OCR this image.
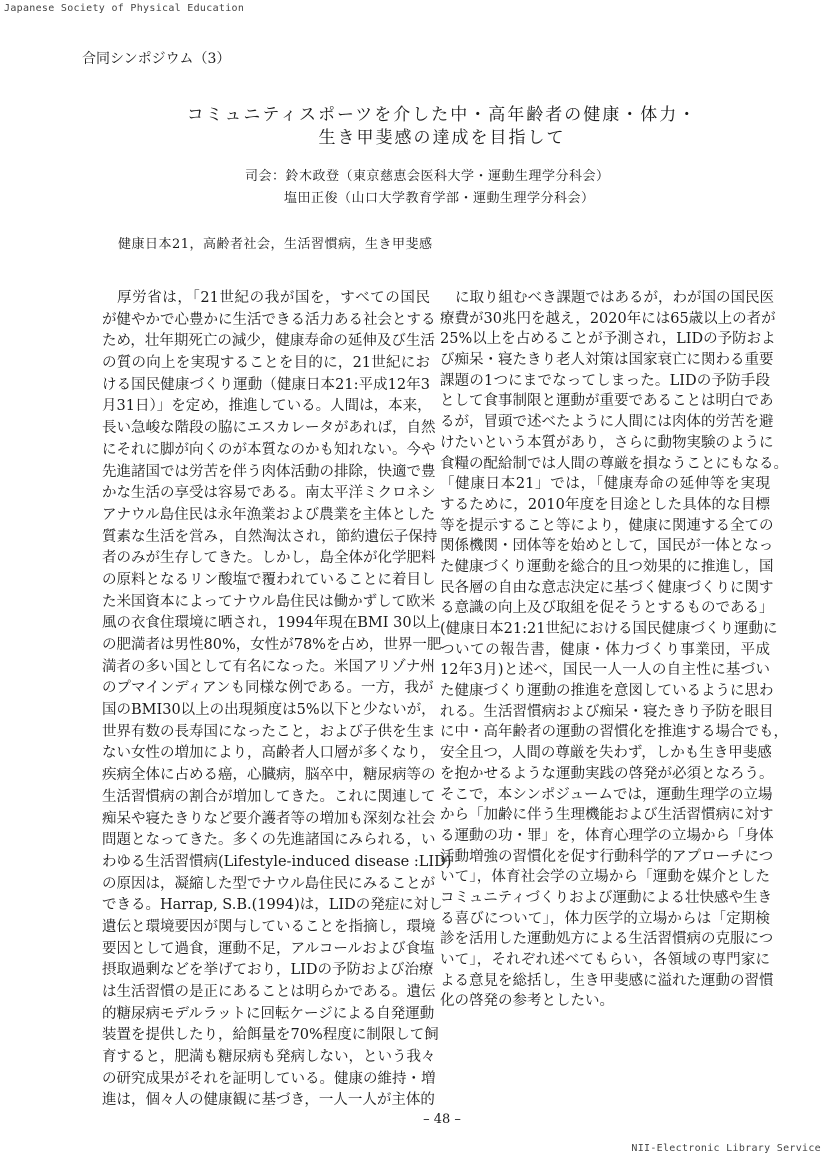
Japanese Society of Physical Education
合同シンポジウム（3）
コミュニティスポーツを介した中・高年齢者の健康・体力・
生き甲斐感の達成を目指して
司会：鈴木政登（東京慈恵会医科大学・運動生理学分科会）
塩田正俊（山口大学教育学部・運動生理学分科会）
健康日本21，高齢者社会，生活習慣病，生き甲斐感
厚労省は，「21世紀の我が国を，すべての国民
が健やかで心豊かに生活できる活力ある社会とする
ため，壮年期死亡の減少，健康寿命の延伸及び生活
の質の向上を実現することを目的に，21世紀にお
ける国民健康づくり運動（健康日本21:平成12年3
月31日）」を定め，推進している。人間は，本来，
長い急峻な階段の脇にエスカレータがあれば，自然
にそれに脚が向くのが本質なのかも知れない。今や
先進諸国では労苦を伴う肉体活動の排除，快適で豊
かな生活の享受は容易である。南太平洋ミクロネシ
アナウル島住民は永年漁業および農業を主体とした
質素な生活を営み，自然淘汰され，節約遺伝子保持
者のみが生存してきた。しかし，島全体が化学肥料
の原料となるリン酸塩で覆われていることに着目し
た米国資本によってナウル島住民は働かずして欧米
風の衣食住環境に晒され，1994年現在BMI 30以上
の肥満者は男性80%，女性が78%を占め，世界一肥
満者の多い国として有名になった。米国アリゾナ州
のプマインディアンも同様な例である。一方，我が
国のBMI30以上の出現頻度は5%以下と少ないが，
世界有数の長寿国になったこと，および子供を生ま
ない女性の増加により，高齢者人口層が多くなり，
疾病全体に占める癌，心臓病，脳卒中，糖尿病等の
生活習慣病の割合が増加してきた。これに関連して
痴呆や寝たきりなど要介護者等の増加も深刻な社会
問題となってきた。多くの先進諸国にみられる，い
わゆる生活習慣病(Lifestyle-induced disease :LID)
の原因は，凝縮した型でナウル島住民にみることが
できる。Harrap, S.B.(1994)は，LIDの発症に対し
遺伝と環境要因が関与していることを指摘し，環境
要因として過食，運動不足，アルコールおよび食塩
摂取過剰などを挙げており，LIDの予防および治療
は生活習慣の是正にあることは明らかである。遺伝
的糖尿病モデルラットに回転ケージによる自発運動
装置を提供したり，給餌量を70%程度に制限して飼
育すると，肥満も糖尿病も発病しない，という我々
の研究成果がそれを証明している。健康の維持・増
進は，個々人の健康観に基づき，一人一人が主体的
に取り組むべき課題ではあるが，わが国の国民医
療費が30兆円を越え，2020年には65歳以上の者が
25%以上を占めることが予測され，LIDの予防およ
び痴呆・寝たきり老人対策は国家衰亡に関わる重要
課題の1つにまでなってしまった。LIDの予防手段
として食事制限と運動が重要であることは明白であ
るが，冒頭で述べたように人間には肉体的労苦を避
けたいという本質があり，さらに動物実験のように
食糧の配給制では人間の尊厳を損なうことにもなる。
「健康日本21」では，「健康寿命の延伸等を実現
するために，2010年度を目途とした具体的な目標
等を提示すること等により，健康に関連する全ての
関係機関・団体等を始めとして，国民が一体となっ
た健康づくり運動を総合的且つ効果的に推進し，国
民各層の自由な意志決定に基づく健康づくりに関す
る意識の向上及び取組を促そうとするものである」
(健康日本21:21世紀における国民健康づくり運動に
ついての報告書，健康・体力づくり事業団，平成
12年3月)と述べ，国民一人一人の自主性に基づい
た健康づくり運動の推進を意図しているように思わ
れる。生活習慣病および痴呆・寝たきり予防を眼目
に中・高年齢者の運動の習慣化を推進する場合でも，
安全且つ，人間の尊厳を失わず，しかも生き甲斐感
を抱かせるような運動実践の啓発が必須となろう。
そこで，本シンポジュームでは，運動生理学の立場
から「加齢に伴う生理機能および生活習慣病に対す
る運動の功・罪」を，体育心理学の立場から「身体
活動増強の習慣化を促す行動科学的アプローチにつ
いて」，体育社会学の立場から「運動を媒介とした
コミュニティづくりおよび運動による壮快感や生き
る喜びについて」，体力医学的立場からは「定期検
診を活用した運動処方による生活習慣病の克服につ
いて」，それぞれ述べてもらい，各領域の専門家に
よる意見を総括し，生き甲斐感に溢れた運動の習慣
化の啓発の参考としたい。
– 48 –
NII-Electronic Library Service
